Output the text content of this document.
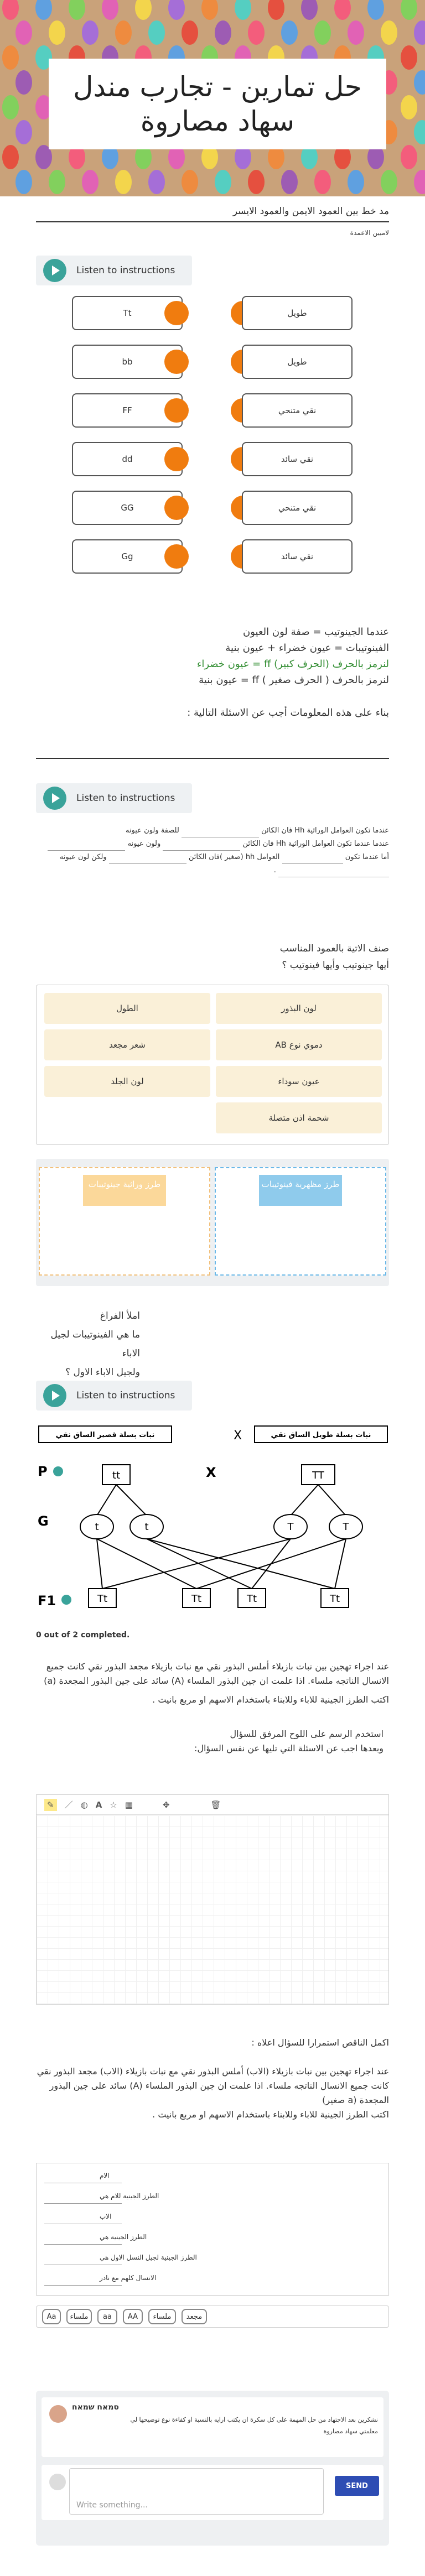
حل تمارين - تجارب مندل
سهاد مصاروة
مد خط بين العمود الايمن والعمود الايسر
لاميين الاعمدة
Listen to instructions
Tt	طويل
bb	طويل
FF	نقي متنحي
dd	نقي سائد
GG	نقي متنحي
Gg	نقي سائد
عندما الجينوتيب = صفة لون العيون
الفينوتيبات = عيون خضراء + عيون بنية
لنرمز بالحرف (الحرف كبير) ff = عيون خضراء
لنرمز بالحرف ( الحرف صغير ) ff = عيون بنية
بناء على هذه المعلومات أجب عن الاسئلة التالية :
Listen to instructions
عندما تكون العوامل الوراثية Hh فان الكائن  للصفة ولون عيونه
عندما عندما تكون العوامل الوراثية Hh فان الكائن  ولون عيونه
أما عندما تكون  العوامل hh (صغير )فان الكائن  ولكن لون عيونه
.
صنف الاتية بالعمود المناسب
أيها جينوتيب وأيها فينوتيب ؟
لون البذور
الطول
AB دموي نوع
شعر مجعد
عيون سوداء
لون الجلد
شحمة اذن متصلة
طرز مظهرية فينوتيبات
طرز وراثية جينوتيبات
املأ الفراغ
ما هي الفينوتيبات لجيل الاباء
ولجيل الاباء الاول ؟
Listen to instructions
نبات بسلة قصير الساق نقي	نبات بسلة طويل الساق نقي
X
P	X
tt	TT
G	t	t	T	T
F1	Tt	Tt	Tt	Tt
0 out of 2 completed.
عند اجراء تهجين بين نبات بازيلاء أملس البذور نقي مع نبات بازيلاء مجعد البذور نقي كانت جميع الانسال الناتجه ملساء. اذا علمت ان جين البذور الملساء (A) سائد على جين البذور المجعدة (a)
اكتب الطرز الجينية للاباء وللابناء باستخدام الاسهم او مربع بانيت .
استخدم الرسم على اللوح المرفق للسؤال
وبعدها اجب عن الاسئلة التي تليها عن نفس السؤال:
✎	／ ◍ A ☆ ▦	✥	🗑
اكمل الناقص استمرارا للسؤال اعلاه :
عند اجراء تهجين بين نبات بازيلاء (الاب) أملس البذور نقي مع نبات بازيلاء (الاب) مجعد البذور نقي كانت جميع الانسال الناتجه ملساء. اذا علمت ان جين البذور الملساء (A) سائد على جين البذور المجعدة (a صغير)
اكتب الطرز الجينية للاباء وللابناء باستخدام الاسهم او مربع بانيت .
الام
الطرز الجينية للام هي
الاب
الطرز الجينية هي
الطرز الجينية لجيل النسل الاول هي
الانسال كلهم مع نادر
Aa	ملساء	aa	AA	ملساء	مجعد
סמאח שמאח
نشكرين بعد الاجتهاد من حل المهمة على كل سكرة ان يكتب ارايه بالنسبة او كفاءة نوع توضيحها لي
معلمتي سهاد مصاروة
Write something...
SEND
